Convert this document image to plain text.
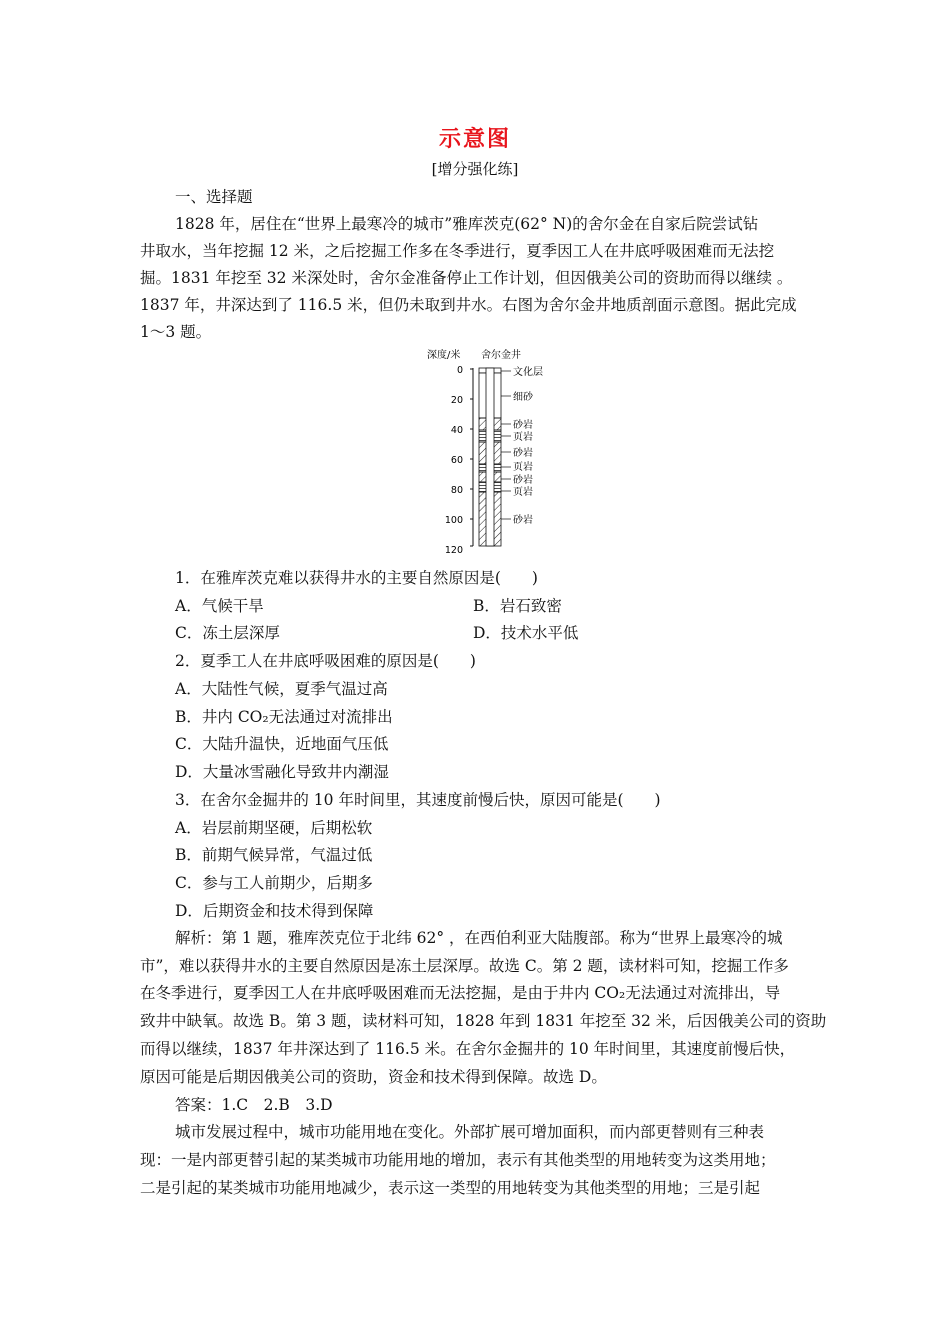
示意图
[增分强化练]
一、选择题
1828 年，居住在“世界上最寒冷的城市”雅库茨克(62° N)的舍尔金在自家后院尝试钻
井取水，当年挖掘 12 米，之后挖掘工作多在冬季进行，夏季因工人在井底呼吸困难而无法挖
掘。1831 年挖至 32 米深处时，舍尔金准备停止工作计划，但因俄美公司的资助而得以继续 。
1837 年，井深达到了 116.5 米，但仍未取到井水。右图为舍尔金井地质剖面示意图。据此完成
1～3 题。
深度/米 舍尔金井
0
20
40
60
80
100
120
文化层
细砂
砂岩
页岩
砂岩
页岩
砂岩
页岩
砂岩
1．在雅库茨克难以获得井水的主要自然原因是(　　)
A．气候干旱	B．岩石致密
C．冻土层深厚	D．技术水平低
2．夏季工人在井底呼吸困难的原因是(　　)
A．大陆性气候，夏季气温过高
B．井内 CO₂无法通过对流排出
C．大陆升温快，近地面气压低
D．大量冰雪融化导致井内潮湿
3．在舍尔金掘井的 10 年时间里，其速度前慢后快，原因可能是(　　)
A．岩层前期坚硬，后期松软
B．前期气候异常，气温过低
C．参与工人前期少，后期多
D．后期资金和技术得到保障
解析：第 1 题，雅库茨克位于北纬 62° ，在西伯利亚大陆腹部。称为“世界上最寒冷的城
市”，难以获得井水的主要自然原因是冻土层深厚。故选 C。第 2 题，读材料可知，挖掘工作多
在冬季进行，夏季因工人在井底呼吸困难而无法挖掘，是由于井内 CO₂无法通过对流排出，导
致井中缺氧。故选 B。第 3 题，读材料可知，1828 年到 1831 年挖至 32 米，后因俄美公司的资助
而得以继续，1837 年井深达到了 116.5 米。在舍尔金掘井的 10 年时间里，其速度前慢后快，
原因可能是后期因俄美公司的资助，资金和技术得到保障。故选 D。
答案：1.C　2.B　3.D
城市发展过程中，城市功能用地在变化。外部扩展可增加面积，而内部更替则有三种表
现：一是内部更替引起的某类城市功能用地的增加，表示有其他类型的用地转变为这类用地；
二是引起的某类城市功能用地减少，表示这一类型的用地转变为其他类型的用地；三是引起
